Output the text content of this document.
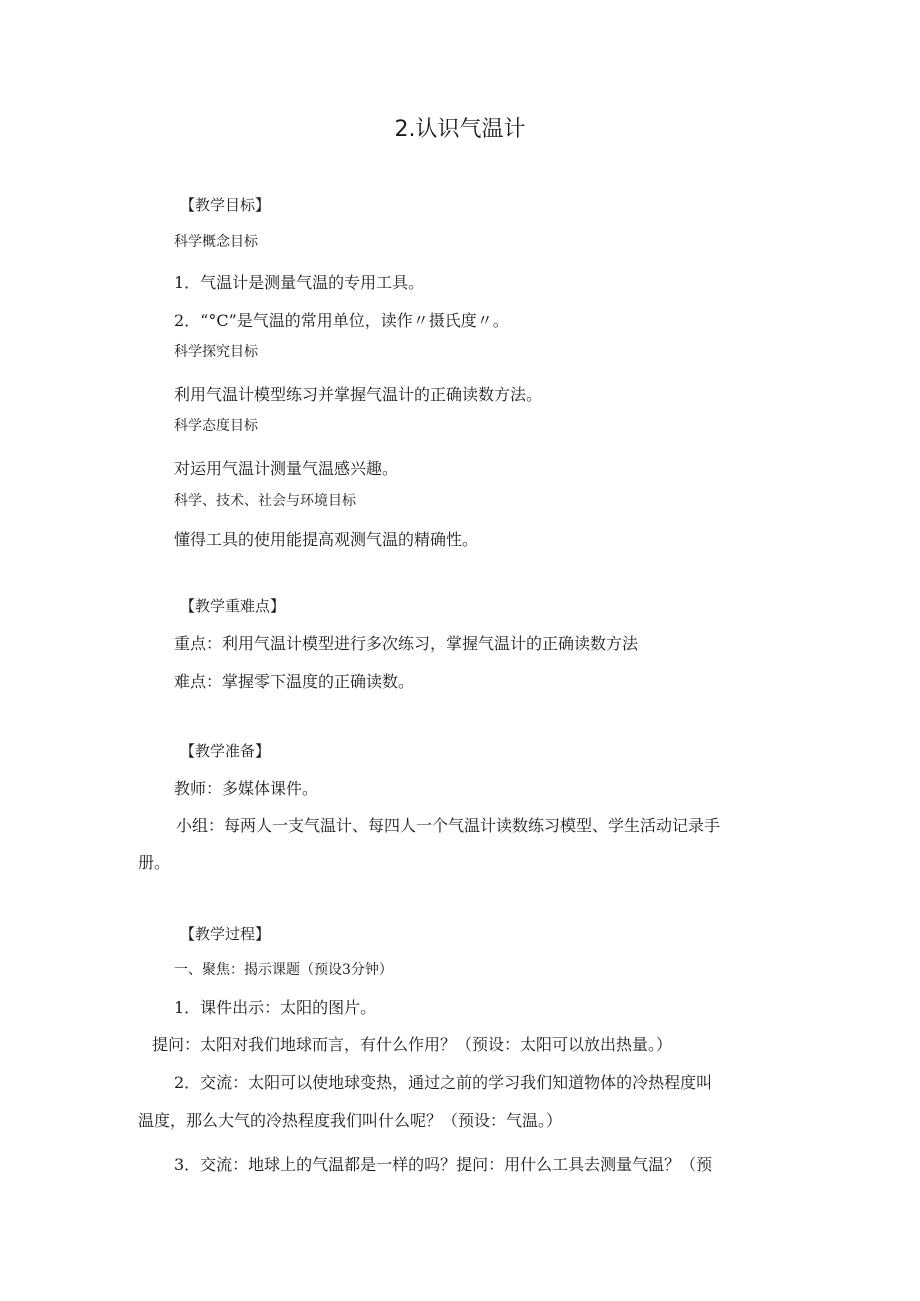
2.认识气温计
【教学目标】
科学概念目标
1．气温计是测量气温的专用工具。
2．“°C”是气温的常用单位，读作〃摄氏度〃。
科学探究目标
利用气温计模型练习并掌握气温计的正确读数方法。
科学态度目标
对运用气温计测量气温感兴趣。
科学、技术、社会与环境目标
懂得工具的使用能提高观测气温的精确性。
【教学重难点】
重点：利用气温计模型进行多次练习，掌握气温计的正确读数方法
难点：掌握零下温度的正确读数。
【教学准备】
教师：多媒体课件。
小组：每两人一支气温计、每四人一个气温计读数练习模型、学生活动记录手
册。
【教学过程】
一、聚焦：揭示课题（预设3分钟）
1．课件出示：太阳的图片。
提问：太阳对我们地球而言，有什么作用？（预设：太阳可以放出热量。）
2．交流：太阳可以使地球变热，通过之前的学习我们知道物体的冷热程度叫
温度，那么大气的冷热程度我们叫什么呢？（预设：气温。）
3．交流：地球上的气温都是一样的吗？提问：用什么工具去测量气温？（预
